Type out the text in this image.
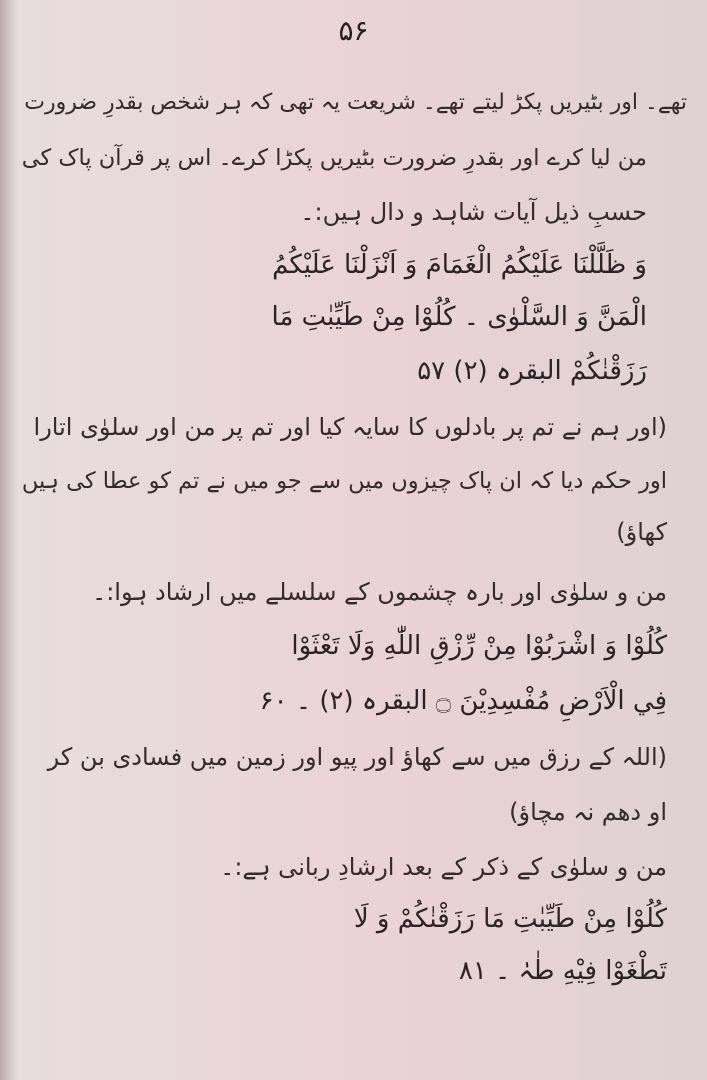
۵۶
تھے۔ اور بٹیریں پکڑ لیتے تھے۔ شریعت یہ تھی کہ ہر شخص بقدرِ ضرورت
من لیا کرے اور بقدرِ ضرورت بٹیریں پکڑا کرے۔ اس پر قرآن پاک کی
حسبِ ذیل آیات شاہد و دال ہیں:۔
وَ ظَلَّلْنَا عَلَيْكُمُ الْغَمَامَ وَ اَنْزَلْنَا عَلَيْكُمُ
الْمَنَّ وَ السَّلْوٰى ۔ كُلُوْا مِنْ طَيِّبٰتِ مَا
رَزَقْنٰكُمْ البقرہ (۲) ۵۷
(اور ہم نے تم پر بادلوں کا سایہ کیا اور تم پر من اور سلوٰی اتارا
اور حکم دیا کہ ان پاک چیزوں میں سے جو میں نے تم کو عطا کی ہیں
کھاؤ)
من و سلوٰی اور بارہ چشموں کے سلسلے میں ارشاد ہوا:۔
كُلُوْا وَ اشْرَبُوْا مِنْ رِّزْقِ اللّٰهِ وَلَا تَعْثَوْا
فِي الْاَرْضِ مُفْسِدِيْنَ ۝ البقرہ (۲) ۔ ۶۰
(اللہ کے رزق میں سے کھاؤ اور پیو اور زمین میں فسادی بن کر
او دھم نہ مچاؤ)
من و سلوٰی کے ذکر کے بعد ارشادِ ربانی ہے:۔
كُلُوْا مِنْ طَيِّبٰتِ مَا رَزَقْنٰكُمْ وَ لَا
تَطْغَوْا فِيْهِ طٰہٰ ۔ ۸۱
